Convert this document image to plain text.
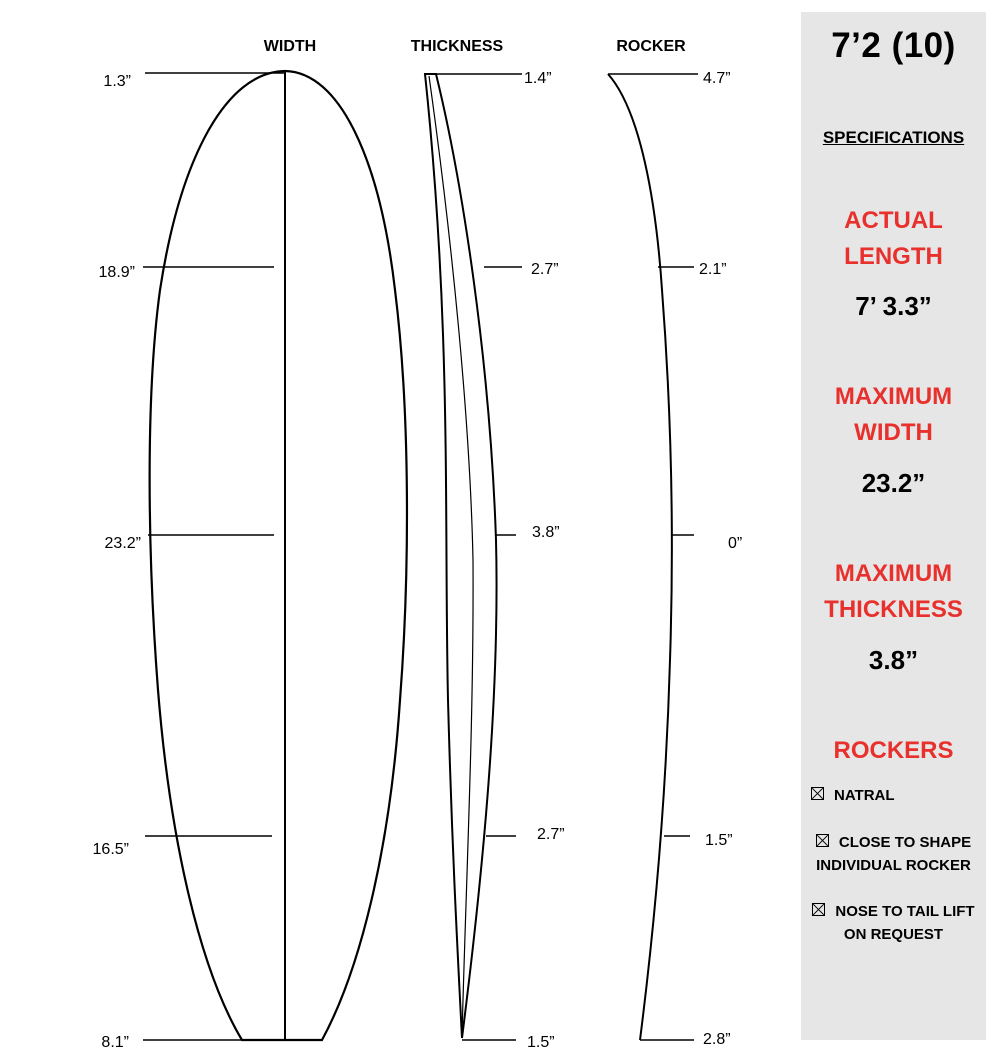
WIDTH	THICKNESS	ROCKER
1.3”
18.9”
23.2”
16.5”
8.1”
1.4”
2.7”
3.8”
2.7”
1.5”
4.7”
2.1”
0”
1.5”
2.8”
7’2 (10)
SPECIFICATIONS
ACTUAL
LENGTH
7’ 3.3”
MAXIMUM
WIDTH
23.2”
MAXIMUM
THICKNESS
3.8”
ROCKERS
NATRAL
CLOSE TO SHAPE
INDIVIDUAL ROCKER
NOSE TO TAIL LIFT
ON REQUEST
